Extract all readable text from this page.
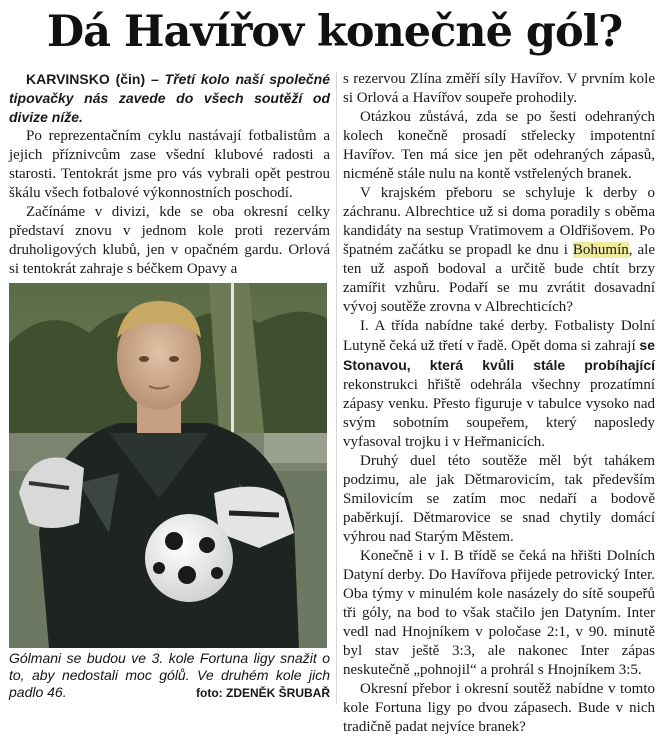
Dá Havířov konečně gól?

KARVINSKO (čin) – Třetí kolo naší společné tipovačky nás zavede do všech soutěží od divize níže.

Po reprezentačním cyklu nastávají fotbalistům a jejich příznivcům zase všední klubové radosti a starosti. Tentokrát jsme pro vás vybrali opět pestrou škálu všech fotbalové výkonnostních poschodí.

Začínáme v divizi, kde se oba okresní celky představí znovu v jednom kole proti rezervám druholigových klubů, jen v opačném gardu. Orlová si tentokrát zahraje s béčkem Opavy a

Gólmani se budou ve 3. kole Fortuna ligy snažit o to, aby nedostali moc gólů. Ve druhém kole jich padlo 46.	foto: ZDENĚK ŠRUBAŘ

s rezervou Zlína změří síly Havířov. V prvním kole si Orlová a Havířov soupeře prohodily.

Otázkou zůstává, zda se po šesti odehraných kolech konečně prosadí střelecky impotentní Havířov. Ten má sice jen pět odehraných zápasů, nicméně stále nulu na kontě vstřelených branek.

V krajském přeboru se schyluje k derby o záchranu. Albrechtice už si doma poradily s oběma kandidáty na sestup Vratimovem a Oldřišovem. Po špatném začátku se propadl ke dnu i Bohumín, ale ten už aspoň bodoval a určitě bude chtít brzy zamířit vzhůru. Podaří se mu zvrátit dosavadní vývoj soutěže zrovna v Albrechticích?

I. A třída nabídne také derby. Fotbalisty Dolní Lutyně čeká už třetí v řadě. Opět doma si zahrají se Stonavou, která kvůli stále probíhající rekonstrukci hřiště odehrála všechny prozatímní zápasy venku. Přesto figuruje v tabulce vysoko nad svým sobotním soupeřem, který naposledy vyfasoval trojku i v Heřmanicích.

Druhý duel této soutěže měl být tahákem podzimu, ale jak Dětmarovicím, tak především Smilovicím se zatím moc nedaří a bodově paběrkují. Dětmarovice se snad chytily domácí výhrou nad Starým Městem.

Konečně i v I. B třídě se čeká na hřišti Dolních Datyní derby. Do Havířova přijede petrovický Inter. Oba týmy v minulém kole nasázely do sítě soupeřů tři góly, na bod to však stačilo jen Datyním. Inter vedl nad Hnojníkem v poločase 2:1, v 90. minutě byl stav ještě 3:3, ale nakonec Inter zápas neskutečně „pohnojil“ a prohrál s Hnojníkem 3:5.

Okresní přebor i okresní soutěž nabídne v tomto kole Fortuna ligy po dvou zápasech. Bude v nich tradičně padat nejvíce branek?
